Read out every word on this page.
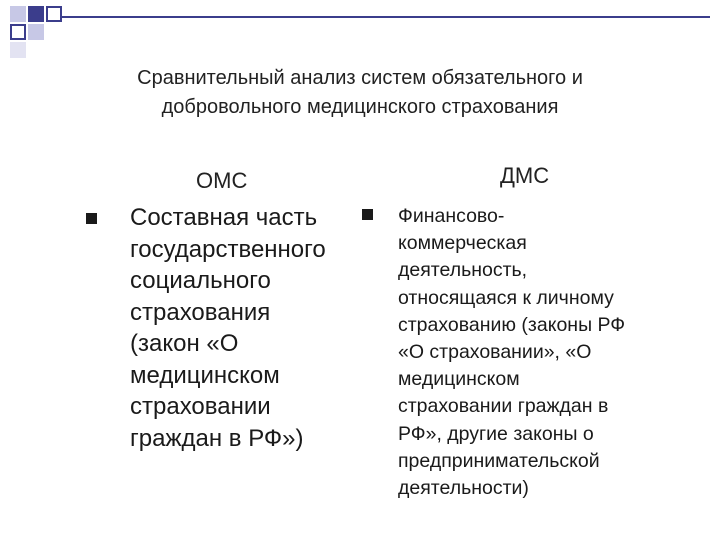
Сравнительный анализ систем обязательного и
добровольного медицинского страхования
ОМС	ДМС
Составная часть
государственного
социального
страхования
(закон «О
медицинском
страховании
граждан в РФ»)
Финансово-
коммерческая
деятельность,
относящаяся к личному
страхованию (законы РФ
«О страховании», «О
медицинском
страховании граждан в
РФ», другие законы о
предпринимательской
деятельности)
